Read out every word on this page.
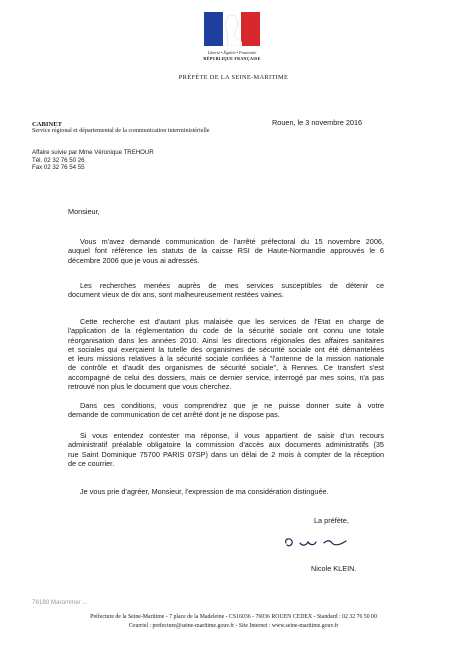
Liberté • Égalité • Fraternité
RÉPUBLIQUE FRANÇAISE
PRÉFÈTE DE LA SEINE-MARITIME
CABINET
Service régional et départemental de la communication interministérielle
Affaire suivie par Mme Véronique TREHOUR
Tél. 02 32 76 50 26
Fax 02 32 76 54 55
Rouen, le 3 novembre 2016
Monsieur,

Vous m'avez demandé communication de l'arrêté préfectoral du 15 novembre 2006,
auquel font référence les statuts de la caisse RSI de Haute-Normandie approuvés le 6
décembre 2006 que je vous ai adressés.

Les recherches menées auprès de mes services susceptibles de détenir ce
document vieux de dix ans, sont malheureusement restées vaines.

Cette recherche est d'autant plus malaisée que les services de l'Etat en charge de
l'application de la réglementation du code de la sécurité sociale ont connu une totale
réorganisation dans les années 2010. Ainsi les directions régionales des affaires sanitaires
et sociales qui exerçaient la tutelle des organismes de sécurité sociale ont été démantelées
et leurs missions relatives à la sécurité sociale confiées à "l'antenne de la mission nationale
de contrôle et d'audit des organismes de sécurité sociale", à Rennes. Ce transfert s'est
accompagné de celui des dossiers, mais ce dernier service, interrogé par mes soins, n'a pas
retrouvé non plus le document que vous cherchez.

Dans ces conditions, vous comprendrez que je ne puisse donner suite à votre
demande de communication de cet arrêté dont je ne dispose pas.

Si vous entendez contester ma réponse, il vous appartient de saisir d'un recours
administratif préalable obligatoire la commission d'accès aux documents administratifs (35
rue Saint Dominique 75700 PARIS 07SP) dans un délai de 2 mois à compter de la réception
de ce courrier.

Je vous prie d'agréer, Monsieur, l'expression de ma considération distinguée.

La préfète,
Nicole KLEIN.
76180 Maromme/ ...
Préfecture de la Seine-Maritime - 7 place de la Madeleine - CS16036 - 76036 ROUEN CEDEX - Standard : 02 32 76 50 00
Courriel : prefecture@seine-maritime.gouv.fr - Site Internet : www.seine-maritime.gouv.fr
